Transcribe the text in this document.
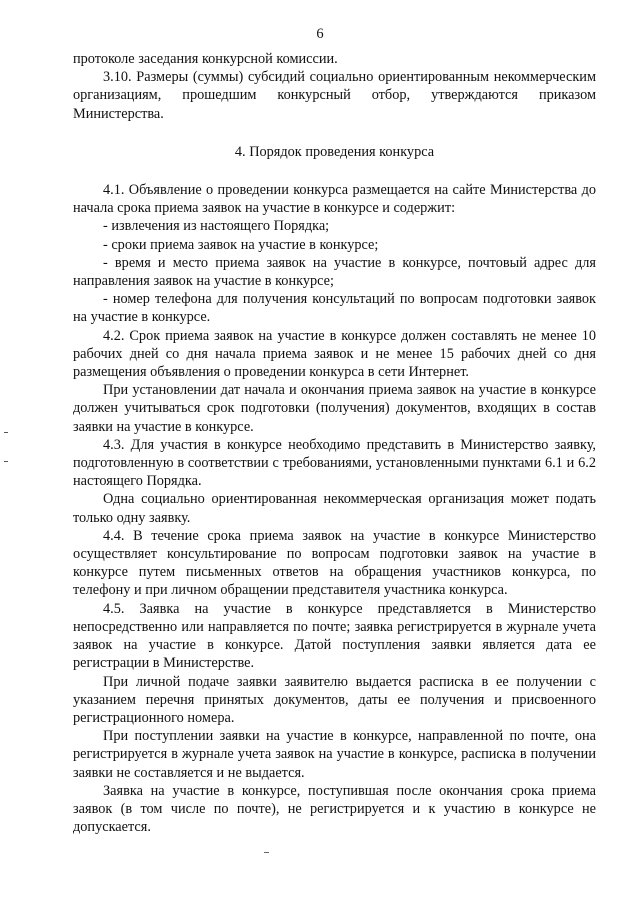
6

протоколе заседания конкурсной комиссии.

3.10. Размеры (суммы) субсидий социально ориентированным некоммерческим организациям, прошедшим конкурсный отбор, утверждаются приказом Министерства.

4. Порядок проведения конкурса

4.1. Объявление о проведении конкурса размещается на сайте Министерства до начала срока приема заявок на участие в конкурсе и содержит:

- извлечения из настоящего Порядка;

- сроки приема заявок на участие в конкурсе;

- время и место приема заявок на участие в конкурсе, почтовый адрес для направления заявок на участие в конкурсе;

- номер телефона для получения консультаций по вопросам подготовки заявок на участие в конкурсе.

4.2. Срок приема заявок на участие в конкурсе должен составлять не менее 10 рабочих дней со дня начала приема заявок и не менее 15 рабочих дней со дня размещения объявления о проведении конкурса в сети Интернет.

При установлении дат начала и окончания приема заявок на участие в конкурсе должен учитываться срок подготовки (получения) документов, входящих в состав заявки на участие в конкурсе.

4.3. Для участия в конкурсе необходимо представить в Министерство заявку, подготовленную в соответствии с требованиями, установленными пунктами 6.1 и 6.2 настоящего Порядка.

Одна социально ориентированная некоммерческая организация может подать только одну заявку.

4.4. В течение срока приема заявок на участие в конкурсе Министерство осуществляет консультирование по вопросам подготовки заявок на участие в конкурсе путем письменных ответов на обращения участников конкурса, по телефону и при личном обращении представителя участника конкурса.

4.5. Заявка на участие в конкурсе представляется в Министерство непосредственно или направляется по почте; заявка регистрируется в журнале учета заявок на участие в конкурсе. Датой поступления заявки является дата ее регистрации в Министерстве.

При личной подаче заявки заявителю выдается расписка в ее получении с указанием перечня принятых документов, даты ее получения и присвоенного регистрационного номера.

При поступлении заявки на участие в конкурсе, направленной по почте, она регистрируется в журнале учета заявок на участие в конкурсе, расписка в получении заявки не составляется и не выдается.

Заявка на участие в конкурсе, поступившая после окончания срока приема заявок (в том числе по почте), не регистрируется и к участию в конкурсе не допускается.
